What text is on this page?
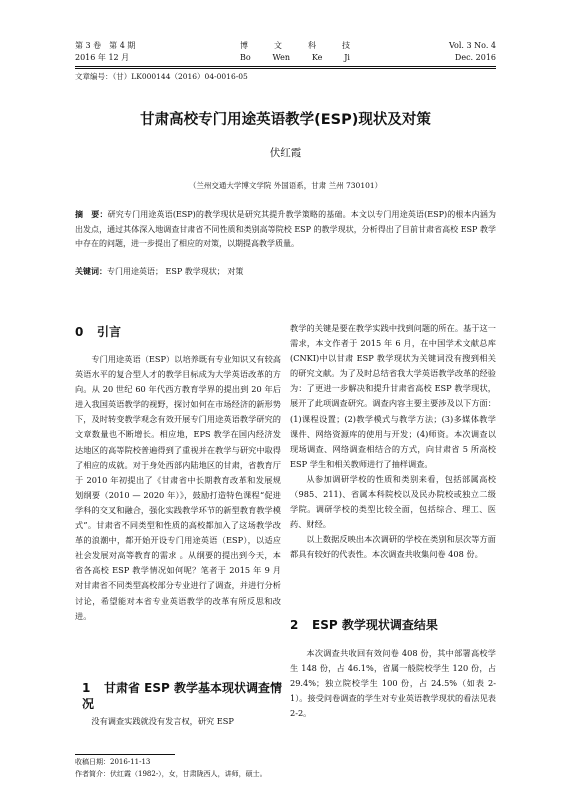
第 3 卷　第 4 期
2016 年 12 月
博	文	科	技
Bo	Wen	Ke	Ji
Vol. 3 No. 4
Dec. 2016
文章编号：（甘）LK000144（2016）04-0016-05
甘肃高校专门用途英语教学(ESP)现状及对策
伏红霞
（兰州交通大学博文学院 外国语系，甘肃 兰州 730101）
摘　要：研究专门用途英语(ESP)的教学现状是研究其提升教学策略的基础。本文以专门用途英语(ESP)的根本内涵为出发点，通过其体深入地调查甘肃省不同性质和类别高等院校 ESP 的教学现状，分析得出了目前甘肃省高校 ESP 教学中存在的问题，进一步提出了相应的对策，以期提高教学质量。
关键词：专门用途英语； ESP 教学现状； 对策
0 引言

专门用途英语（ESP）以培养既有专业知识又有较高英语水平的复合型人才的教学目标成为大学英语改革的方向。从 20 世纪 60 年代西方教育学界的提出到 20 年后进入我国英语教学的视野，探讨如何在市场经济的新形势下，及时转变教学观念有效开展专门用途英语教学研究的文章数量也不断增长。相应地，EPS 教学在国内经济发达地区的高等院校普遍得到了重视并在教学与研究中取得了相应的成就。对于身处西部内陆地区的甘肃，省教育厅于 2010 年初提出了《甘肃省中长期教育改革和发展规划纲要（2010 — 2020 年）》，鼓励打造特色课程“促进学科的交叉和融合，强化实践教学环节的新型教育教学模式”。甘肃省不同类型和性质的高校都加入了这场教学改革的浪潮中，都开始开设专门用途英语（ESP），以适应社会发展对高等教育的需求 。从纲要的提出到今天，本省各高校 ESP 教学情况如何呢？笔者于 2015 年 9 月对甘肃省不同类型高校部分专业进行了调查，并进行分析讨论，希望能对本省专业英语教学的改革有所反思和改进。

1 甘肃省 ESP 教学基本现状调查情况

没有调查实践就没有发言权，研究 ESP

教学的关键是要在教学实践中找到问题的所在。基于这一需求，本文作者于 2015 年 6 月，在中国学术文献总库(CNKI)中以甘肃 ESP 教学现状为关键词没有搜到相关的研究文献。为了及时总结省我大学英语教学改革的经验为：了更进一步解决和提升甘肃省高校 ESP 教学现状，展开了此项调查研究。调查内容主要主要涉及以下方面：(1)课程设置；(2)教学模式与教学方法；(3)多媒体教学课件、网络资源库的使用与开发；(4)师资。本次调查以现场调查、网络调查相结合的方式，向甘肃省 5 所高校 ESP 学生和相关教师进行了抽样调查。

从参加调研学校的性质和类别来看，包括部属高校（985、211)、省属本科院校以及民办院校或独立二级学院。调研学校的类型比较全面，包括综合、理工、医药、财经。

以上数据反映出本次调研的学校在类别和层次等方面都具有较好的代表性。本次调查共收集问卷 408 份。

2 ESP 教学现状调查结果

本次调查共收回有效问卷 408 份，其中部署高校学生 148 份，占 46.1%，省属一般院校学生 120 份，占 29.4%；独立院校学生 100 份，占 24.5%（如表 2-1）。接受问卷调查的学生对专业英语教学现状的看法见表 2-2。

收稿日期：2016-11-13
作者简介：伏红霞（1982-），女，甘肃陇西人，讲师，硕士。
